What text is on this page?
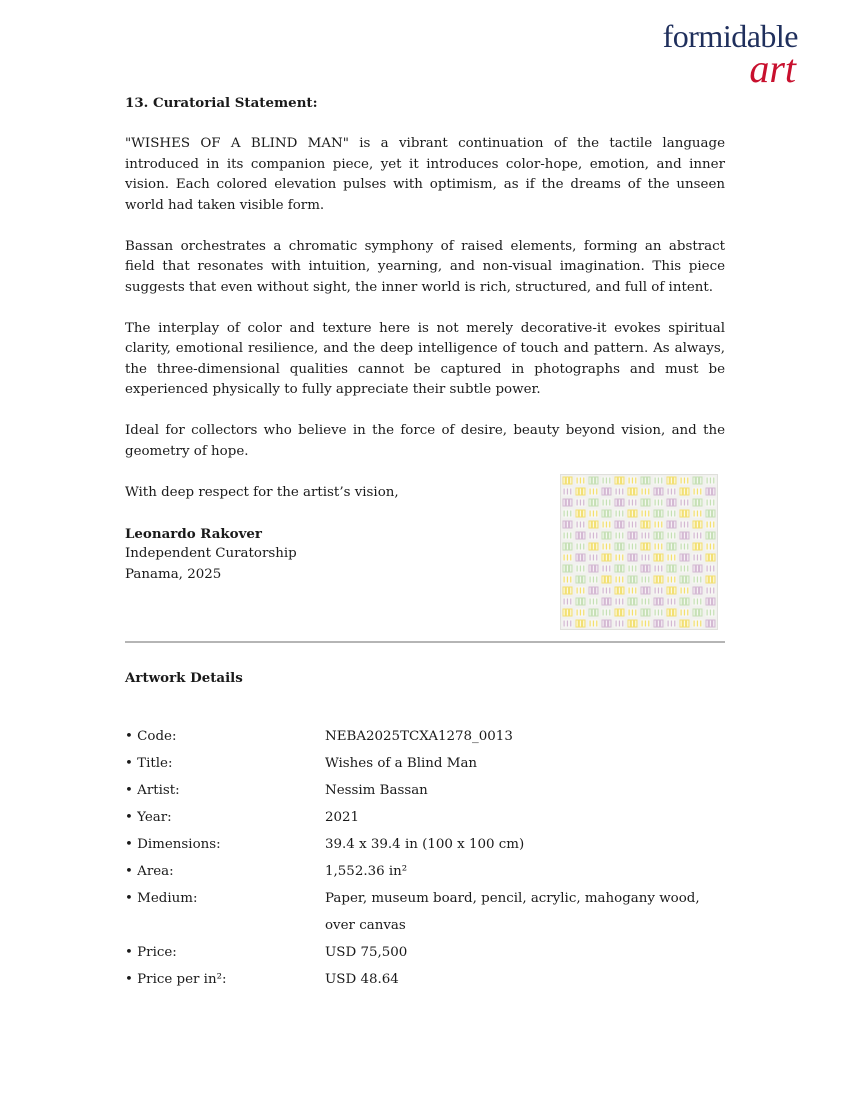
formidable
art
13. Curatorial Statement:

"WISHES OF A BLIND MAN" is a vibrant continuation of the tactile language introduced in its companion piece, yet it introduces color-hope, emotion, and inner vision. Each colored elevation pulses with optimism, as if the dreams of the unseen world had taken visible form.

Bassan orchestrates a chromatic symphony of raised elements, forming an abstract field that resonates with intuition, yearning, and non-visual imagination. This piece suggests that even without sight, the inner world is rich, structured, and full of intent.

The interplay of color and texture here is not merely decorative-it evokes spiritual clarity, emotional resilience, and the deep intelligence of touch and pattern. As always, the three-dimensional qualities cannot be captured in photographs and must be experienced physically to fully appreciate their subtle power.

Ideal for collectors who believe in the force of desire, beauty beyond vision, and the geometry of hope.

With deep respect for the artist’s vision,
Leonardo Rakover
Independent Curatorship
Panama, 2025
Artwork Details
• Code:	NEBA2025TCXA1278_0013
• Title:	Wishes of a Blind Man
• Artist:	Nessim Bassan
• Year:	2021
• Dimensions:	39.4 x 39.4 in (100 x 100 cm)
• Area:	1,552.36 in²
• Medium:	Paper, museum board, pencil, acrylic, mahogany wood, over canvas
• Price:	USD 75,500
• Price per in²:	USD 48.64
